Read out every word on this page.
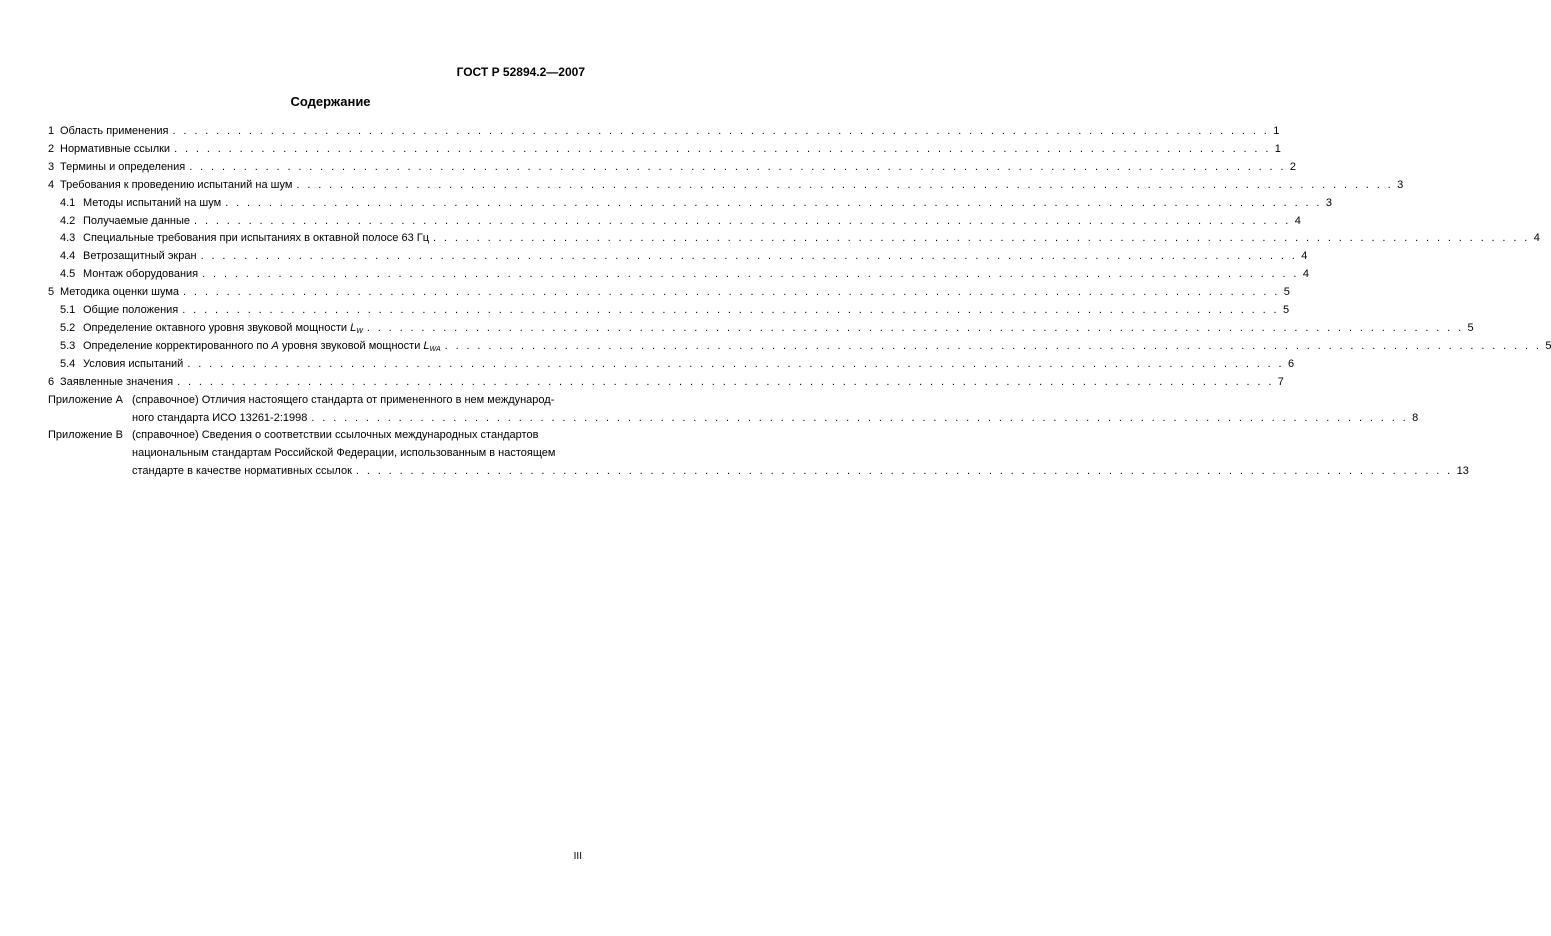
ГОСТ Р 52894.2—2007
Содержание
1 Область применения . . .	1
2 Нормативные ссылки . . .	1
3 Термины и определения . . .	2
4 Требования к проведению испытаний на шум . . .	3
4.1 Методы испытаний на шум . . .	3
4.2 Получаемые данные . . .	4
4.3 Специальные требования при испытаниях в октавной полосе 63 Гц . . .	4
4.4 Ветрозащитный экран . . .	4
4.5 Монтаж оборудования . . .	4
5 Методика оценки шума . . .	5
5.1 Общие положения . . .	5
5.2 Определение октавного уровня звуковой мощности $L_W$ . . .	5
5.3 Определение корректированного по А уровня звуковой мощности $L_{WA}$ . . .	5
5.4 Условия испытаний . . .	6
6 Заявленные значения . . .	7
Приложение А (справочное) Отличия настоящего стандарта от примененного в нем международ-
ного стандарта ИСО 13261-2:1998 . . .	8
Приложение В (справочное) Сведения о соответствии ссылочных международных стандартов
национальным стандартам Российской Федерации, использованным в настоящем
стандарте в качестве нормативных ссылок . . .	13
III
